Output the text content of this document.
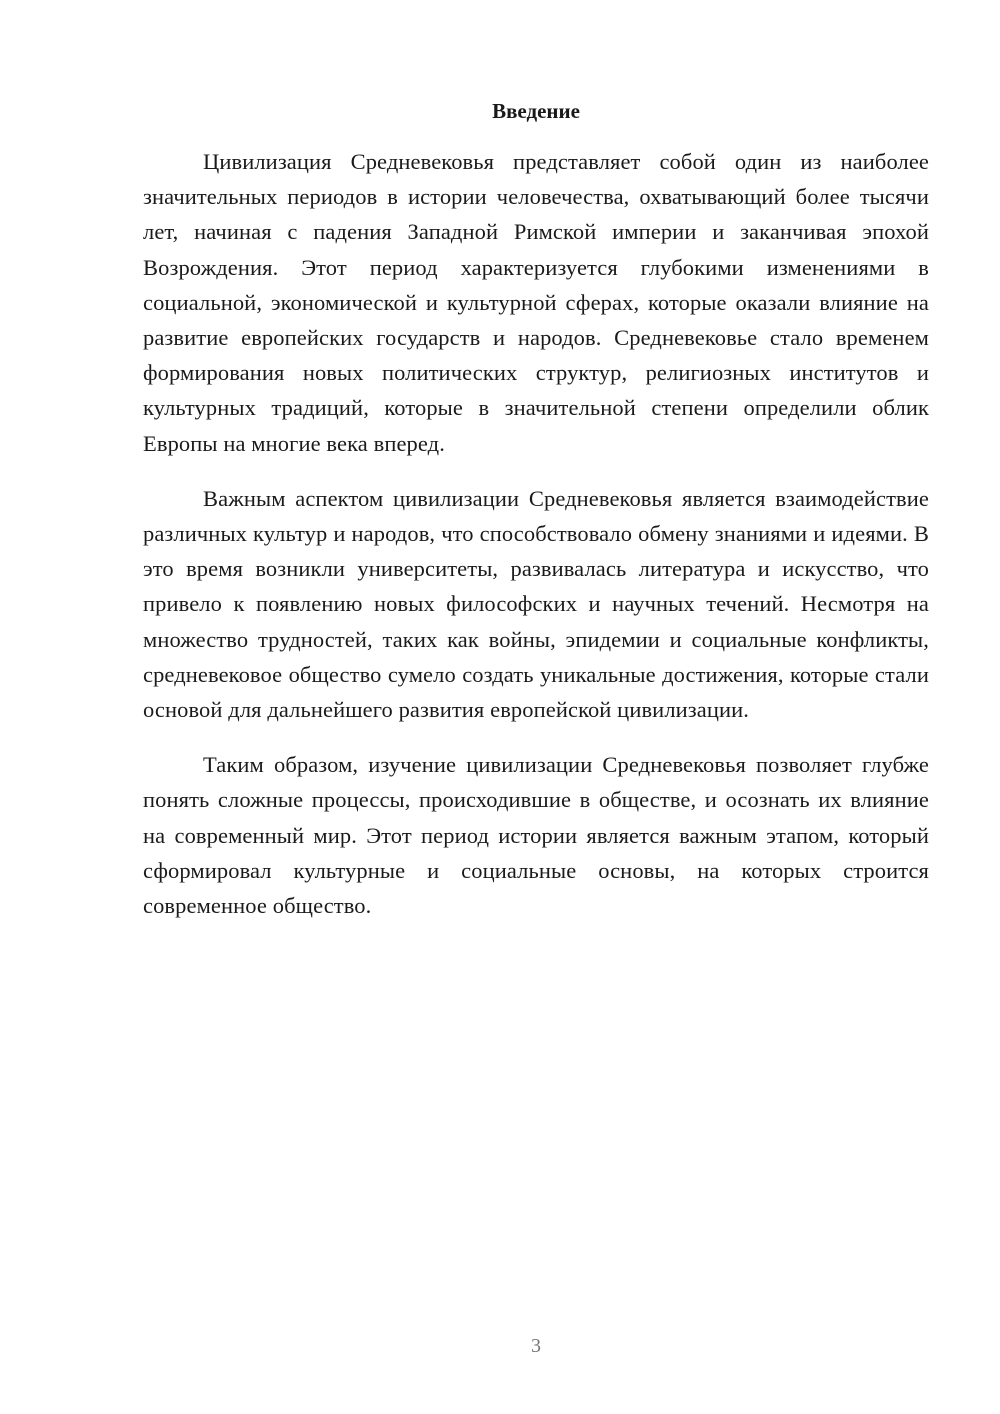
Введение

Цивилизация Средневековья представляет собой один из наиболее значительных периодов в истории человечества, охватывающий более тысячи лет, начиная с падения Западной Римской империи и заканчивая эпохой Возрождения. Этот период характеризуется глубокими изменениями в социальной, экономической и культурной сферах, которые оказали влияние на развитие европейских государств и народов. Средневековье стало временем формирования новых политических структур, религиозных институтов и культурных традиций, которые в значительной степени определили облик Европы на многие века вперед.

Важным аспектом цивилизации Средневековья является взаимодействие различных культур и народов, что способствовало обмену знаниями и идеями. В это время возникли университеты, развивалась литература и искусство, что привело к появлению новых философских и научных течений. Несмотря на множество трудностей, таких как войны, эпидемии и социальные конфликты, средневековое общество сумело создать уникальные достижения, которые стали основой для дальнейшего развития европейской цивилизации.

Таким образом, изучение цивилизации Средневековья позволяет глубже понять сложные процессы, происходившие в обществе, и осознать их влияние на современный мир. Этот период истории является важным этапом, который сформировал культурные и социальные основы, на которых строится современное общество.

3
